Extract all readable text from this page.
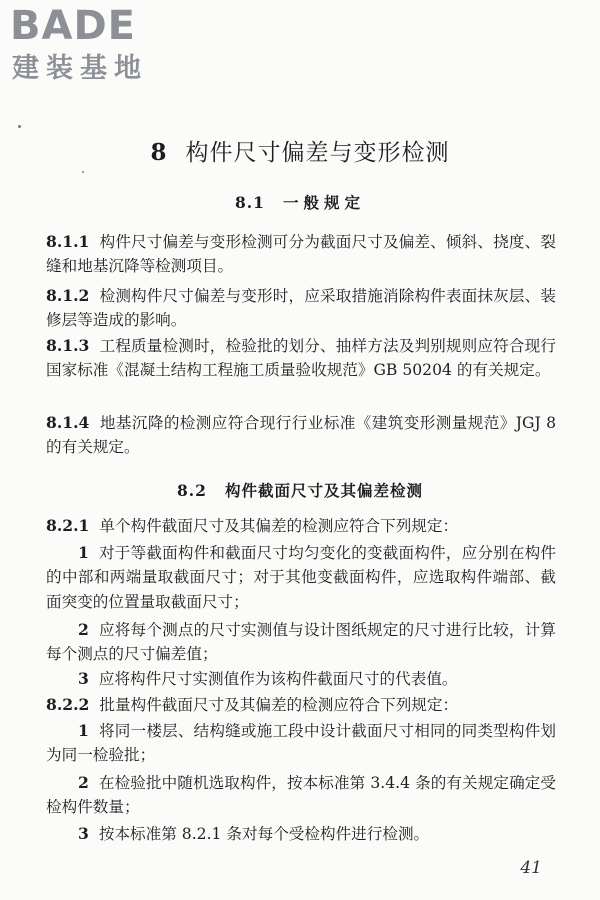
BADE
建装基地
8 构件尺寸偏差与变形检测
8.1 一般规定

8.1.1 构件尺寸偏差与变形检测可分为截面尺寸及偏差、倾斜、挠度、裂缝和地基沉降等检测项目。

8.1.2 检测构件尺寸偏差与变形时，应采取措施消除构件表面抹灰层、装修层等造成的影响。

8.1.3 工程质量检测时，检验批的划分、抽样方法及判别规则应符合现行国家标准《混凝土结构工程施工质量验收规范》GB 50204 的有关规定。

8.1.4 地基沉降的检测应符合现行行业标准《建筑变形测量规范》JGJ 8 的有关规定。

8.2 构件截面尺寸及其偏差检测

8.2.1 单个构件截面尺寸及其偏差的检测应符合下列规定：

1 对于等截面构件和截面尺寸均匀变化的变截面构件，应分别在构件的中部和两端量取截面尺寸；对于其他变截面构件，应选取构件端部、截面突变的位置量取截面尺寸；

2 应将每个测点的尺寸实测值与设计图纸规定的尺寸进行比较，计算每个测点的尺寸偏差值；

3 应将构件尺寸实测值作为该构件截面尺寸的代表值。

8.2.2 批量构件截面尺寸及其偏差的检测应符合下列规定：

1 将同一楼层、结构缝或施工段中设计截面尺寸相同的同类型构件划为同一检验批；

2 在检验批中随机选取构件，按本标准第 3.4.4 条的有关规定确定受检构件数量；

3 按本标准第 8.2.1 条对每个受检构件进行检测。

41
